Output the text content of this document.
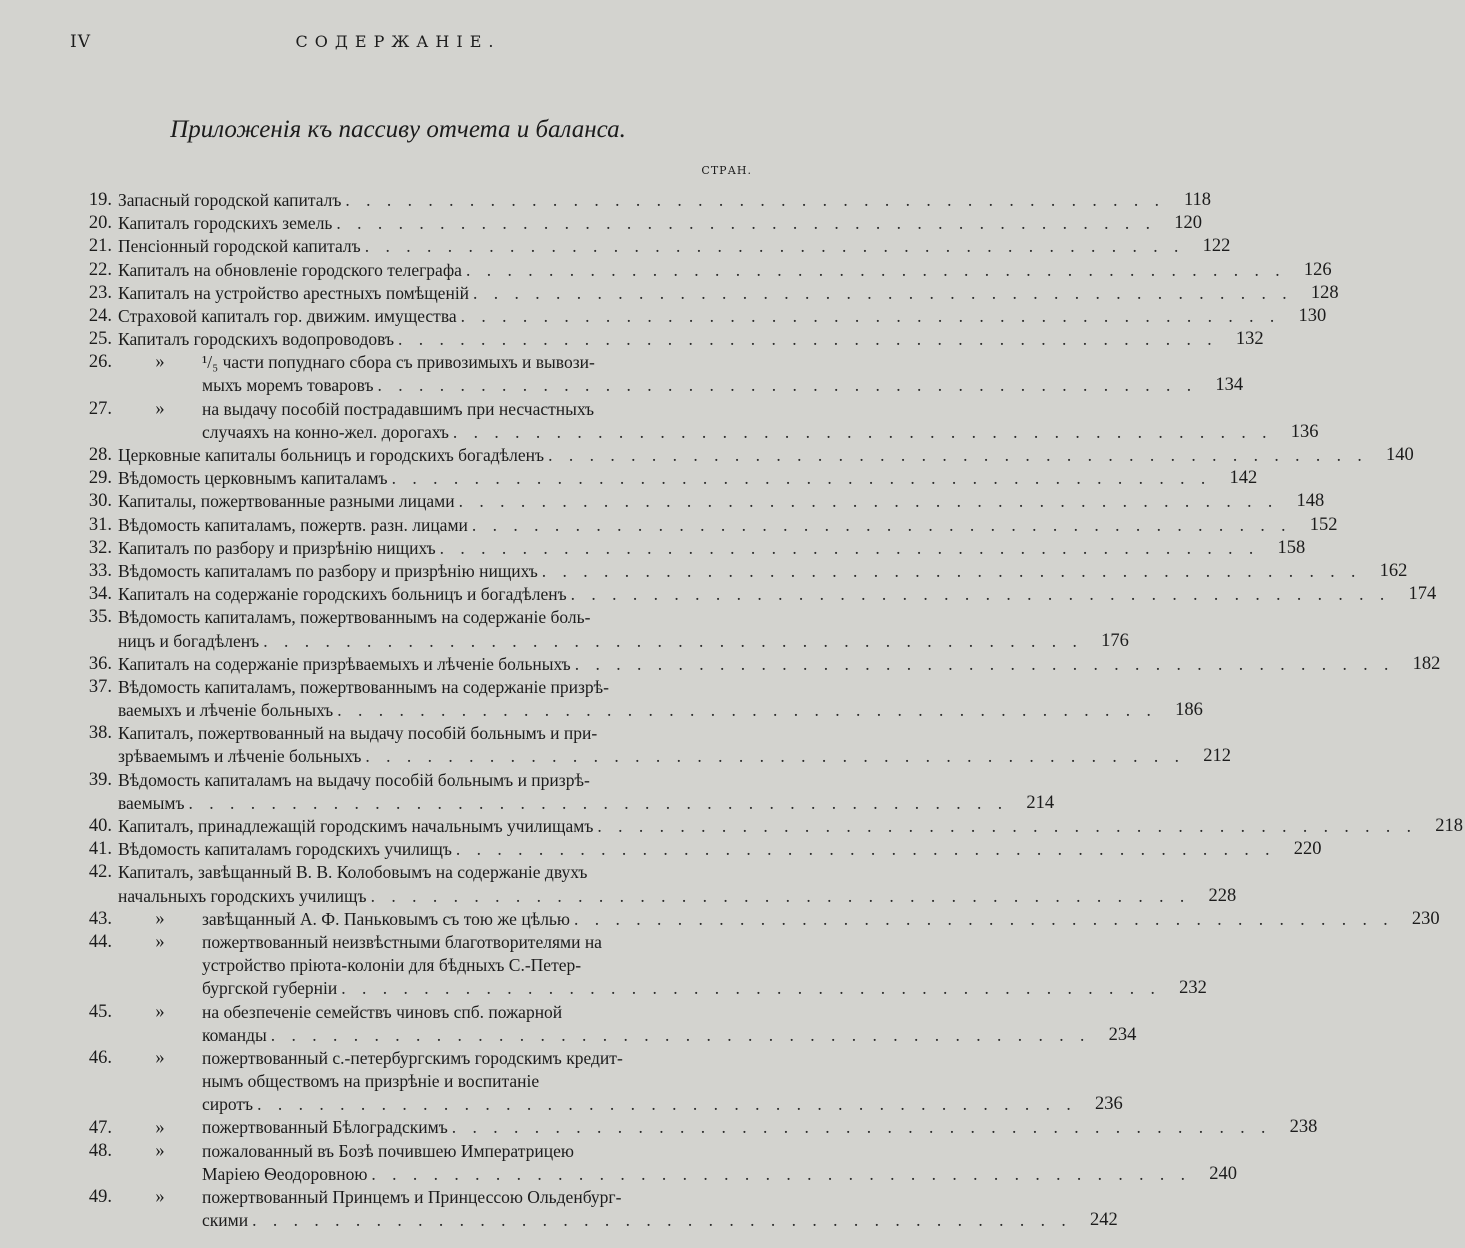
IV	СОДЕРЖАНІЕ.
Приложенія къ пассиву отчета и баланса.
СТРАН.
19. Запасный городской капиталъ . . . . . . . . . . . . . . . . . . . . . . . . . . . . . . . . . . . . . . . .	118
20. Капиталъ городскихъ земель . . . . . . . . . . . . . . . . . . . . . . . . . . . . . . . . . . . . . . . . 120
21. Пенсіонный городской капиталъ . . . . . . . . . . . . . . . . . . . . . . . . . . . . . . . . . . . . . . . . 122
22. Капиталъ на обновленіе городского телеграфа . . . . . . . . . . . . . . . . . . . . . . . . . . . . . . . . . . . . . . . . 126
23. Капиталъ на устройство арестныхъ помѣщеній . . . . . . . . . . . . . . . . . . . . . . . . . . . . . . . . . . . . . . . . 128
24. Страховой капиталъ гор. движим. имущества . . . . . . . . . . . . . . . . . . . . . . . . . . . . . . . . . . . . . . . . 130
25. Капиталъ городскихъ водопроводовъ . . . . . . . . . . . . . . . . . . . . . . . . . . . . . . . . . . . . . . . . 132
26.	»	¹/₅ части попуднаго сбора съ привозимыхъ и вывози-
мыхъ моремъ товаровъ . . . . . . . . . . . . . . . . . . . . . . . . . . . . . . . . . . . . . . . . 134
27.	»	на выдачу пособій пострадавшимъ при несчастныхъ
случаяхъ на конно-жел. дорогахъ . . . . . . . . . . . . . . . . . . . . . . . . . . . . . . . . . . . . . . . . 136
28. Церковные капиталы больницъ и городскихъ богадѣленъ . . . . . . . . . . . . . . . . . . . . . . . . . . . . . . . . . . . . . . . . 140
29. Вѣдомость церковнымъ капиталамъ . . . . . . . . . . . . . . . . . . . . . . . . . . . . . . . . . . . . . . . . 142
30. Капиталы, пожертвованные разными лицами . . . . . . . . . . . . . . . . . . . . . . . . . . . . . . . . . . . . . . . . 148
31. Вѣдомость капиталамъ, пожертв. разн. лицами . . . . . . . . . . . . . . . . . . . . . . . . . . . . . . . . . . . . . . . . 152
32. Капиталъ по разбору и призрѣнію нищихъ . . . . . . . . . . . . . . . . . . . . . . . . . . . . . . . . . . . . . . . . 158
33. Вѣдомость капиталамъ по разбору и призрѣнію нищихъ . . . . . . . . . . . . . . . . . . . . . . . . . . . . . . . . . . . . . . . . 162
34. Капиталъ на содержаніе городскихъ больницъ и богадѣленъ . . . . . . . . . . . . . . . . . . . . . . . . . . . . . . . . . . . . . . . . 174
35. Вѣдомость капиталамъ, пожертвованнымъ на содержаніе боль-
ницъ и богадѣленъ . . . . . . . . . . . . . . . . . . . . . . . . . . . . . . . . . . . . . . . . 176
36. Капиталъ на содержаніе призрѣваемыхъ и лѣченіе больныхъ . . . . . . . . . . . . . . . . . . . . . . . . . . . . . . . . . . . . . . . . 182
37. Вѣдомость капиталамъ, пожертвованнымъ на содержаніе призрѣ-
ваемыхъ и лѣченіе больныхъ . . . . . . . . . . . . . . . . . . . . . . . . . . . . . . . . . . . . . . . . 186
38. Капиталъ, пожертвованный на выдачу пособій больнымъ и при-
зрѣваемымъ и лѣченіе больныхъ . . . . . . . . . . . . . . . . . . . . . . . . . . . . . . . . . . . . . . . . 212
39. Вѣдомость капиталамъ на выдачу пособій больнымъ и призрѣ-
ваемымъ . . . . . . . . . . . . . . . . . . . . . . . . . . . . . . . . . . . . . . . . 214
40. Капиталъ, принадлежащій городскимъ начальнымъ училищамъ . . . . . . . . . . . . . . . . . . . . . . . . . . . . . . . . . . . . . . . . 218
41. Вѣдомость капиталамъ городскихъ училищъ . . . . . . . . . . . . . . . . . . . . . . . . . . . . . . . . . . . . . . . . 220
42. Капиталъ, завѣщанный В. В. Колобовымъ на содержаніе двухъ
начальныхъ городскихъ училищъ . . . . . . . . . . . . . . . . . . . . . . . . . . . . . . . . . . . . . . . . 228
43.	»	завѣщанный А. Ф. Паньковымъ съ тою же цѣлью . . . . . . . . . . . . . . . . . . . . . . . . . . . . . . . . . . . . . . . . 230
44.	»	пожертвованный неизвѣстными благотворителями на
устройство пріюта-колоніи для бѣдныхъ С.-Петер-
бургской губерніи . . . . . . . . . . . . . . . . . . . . . . . . . . . . . . . . . . . . . . . . 232
45.	»	на обезпеченіе семействъ чиновъ спб. пожарной
команды . . . . . . . . . . . . . . . . . . . . . . . . . . . . . . . . . . . . . . . . 234
46.	»	пожертвованный с.-петербургскимъ городскимъ кредит-
нымъ обществомъ на призрѣніе и воспитаніе
сиротъ . . . . . . . . . . . . . . . . . . . . . . . . . . . . . . . . . . . . . . . . 236
47.	»	пожертвованный Бѣлоградскимъ . . . . . . . . . . . . . . . . . . . . . . . . . . . . . . . . . . . . . . . . 238
48.	»	пожалованный въ Бозѣ почившею Императрицею
Маріею Ѳеодоровною . . . . . . . . . . . . . . . . . . . . . . . . . . . . . . . . . . . . . . . . 240
49.	»	пожертвованный Принцемъ и Принцессою Ольденбург-
скими . . . . . . . . . . . . . . . . . . . . . . . . . . . . . . . . . . . . . . . . 242
